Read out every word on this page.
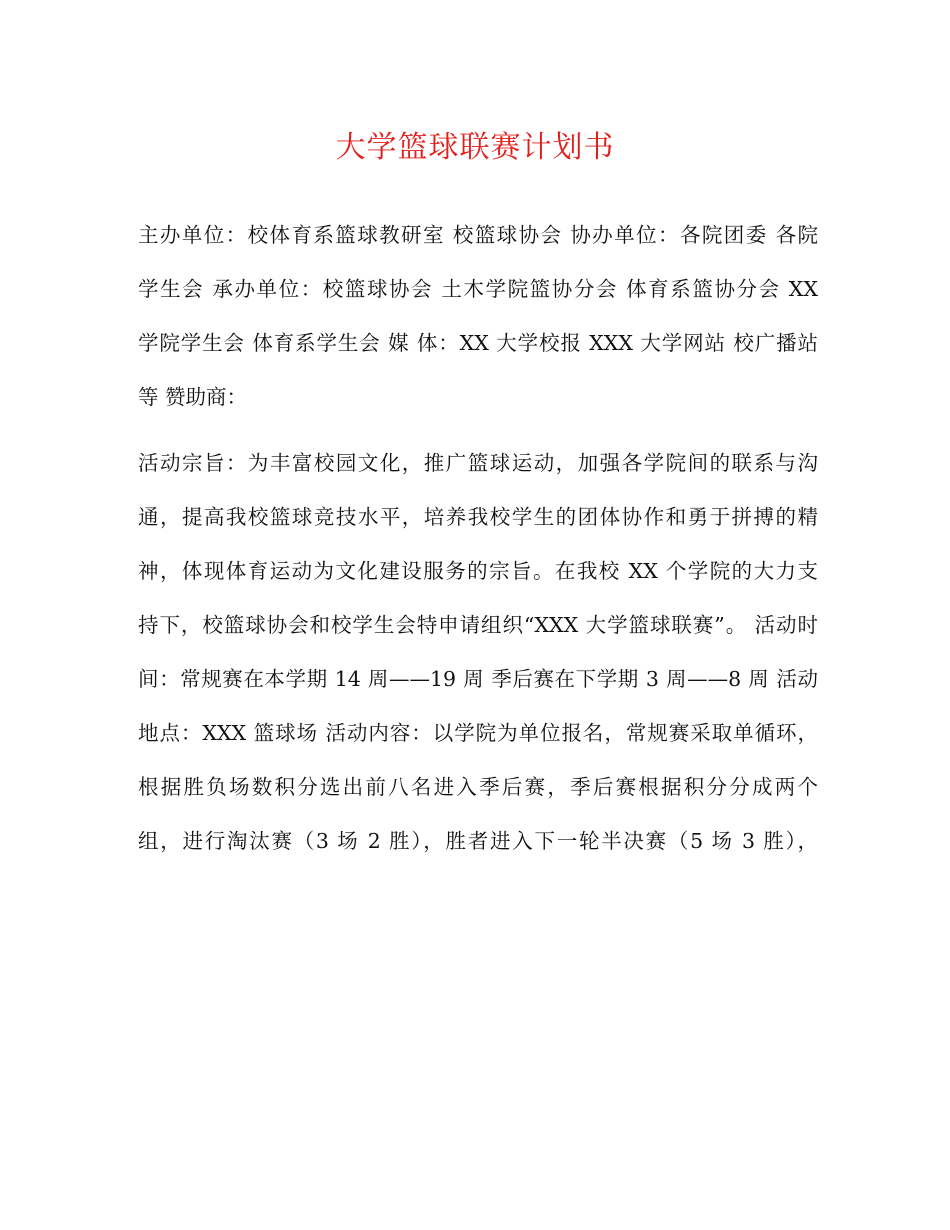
大学篮球联赛计划书
主办单位：校体育系篮球教研室 校篮球协会 协办单位：各院团委 各院
学生会 承办单位：校篮球协会 土木学院篮协分会 体育系篮协分会 XX
学院学生会 体育系学生会 媒 体：XX 大学校报 XXX 大学网站 校广播站
等 赞助商：
活动宗旨：为丰富校园文化，推广篮球运动，加强各学院间的联系与沟
通，提高我校篮球竞技水平，培养我校学生的团体协作和勇于拼搏的精
神，体现体育运动为文化建设服务的宗旨。在我校 XX 个学院的大力支
持下，校篮球协会和校学生会特申请组织“XXX 大学篮球联赛”。 活动时
间：常规赛在本学期 14 周——19 周 季后赛在下学期 3 周——8 周 活动
地点：XXX 篮球场 活动内容：以学院为单位报名，常规赛采取单循环，
根据胜负场数积分选出前八名进入季后赛，季后赛根据积分分成两个
组，进行淘汰赛（3 场 2 胜），胜者进入下一轮半决赛（5 场 3 胜），
